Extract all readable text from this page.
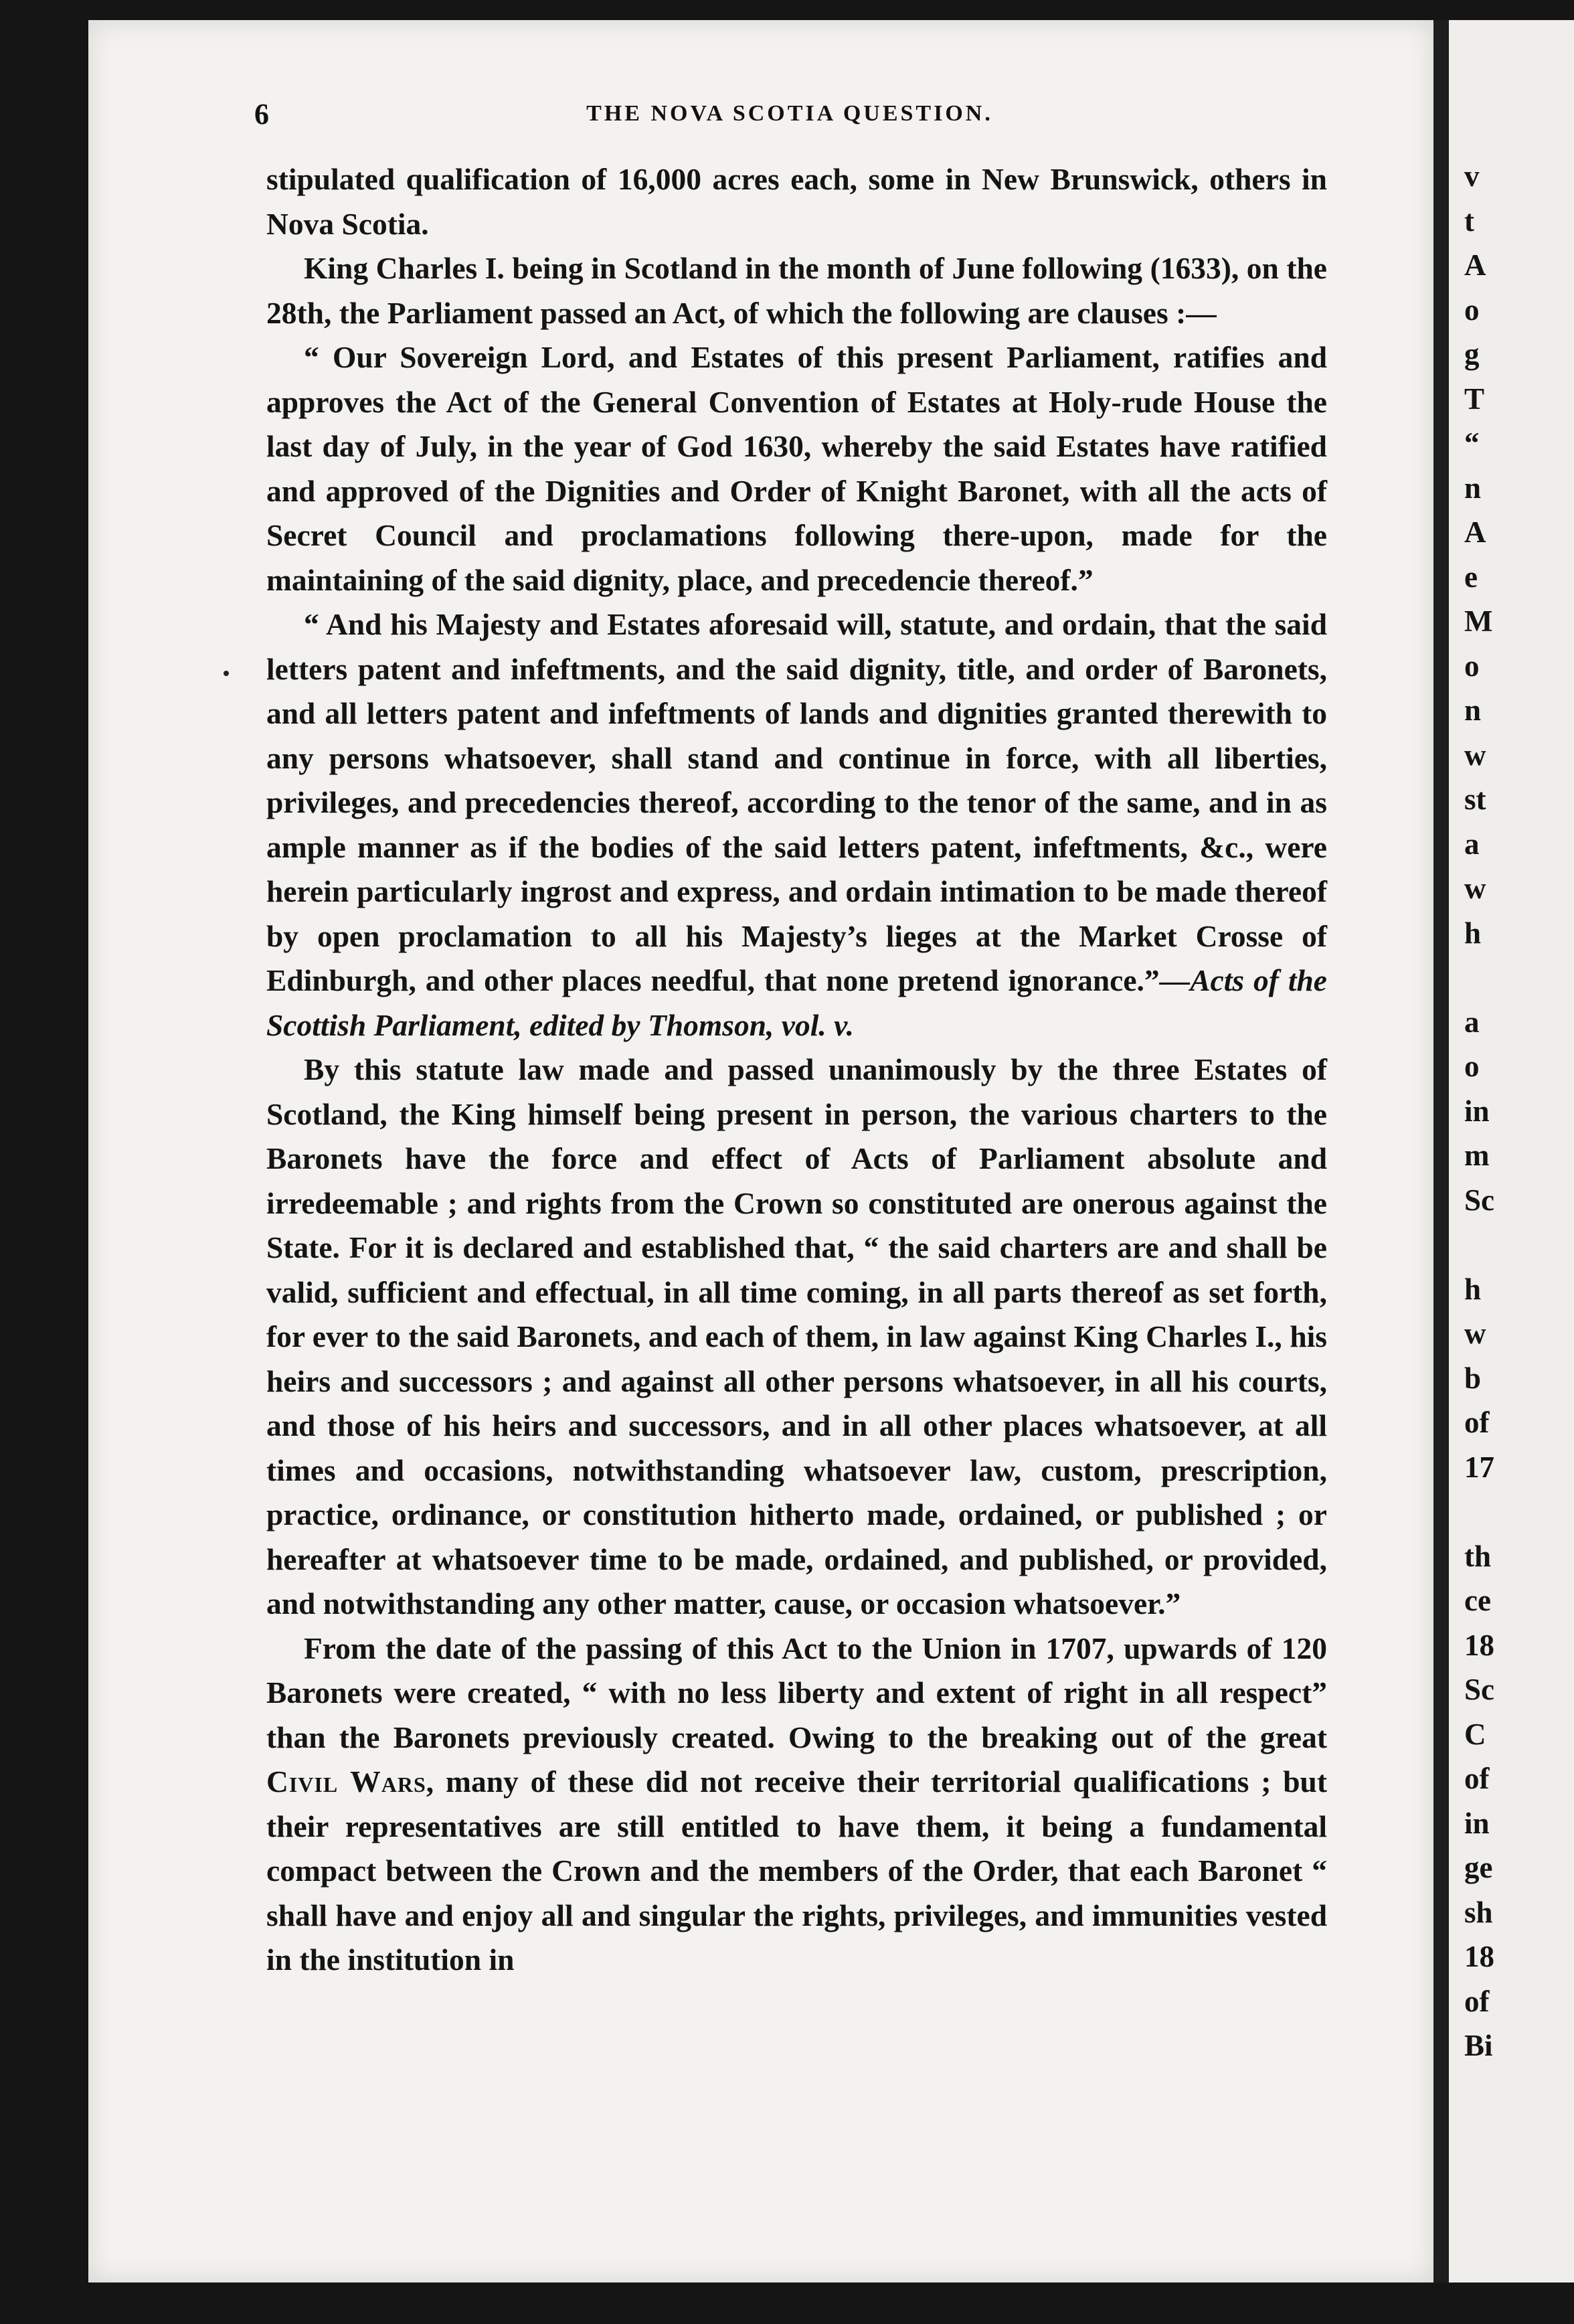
6	THE NOVA SCOTIA QUESTION.

stipulated qualification of 16,000 acres each, some in New Brunswick, others in Nova Scotia.

King Charles I. being in Scotland in the month of June following (1633), on the 28th, the Parliament passed an Act, of which the following are clauses :—

“ Our Sovereign Lord, and Estates of this present Parliament, ratifies and approves the Act of the General Convention of Estates at Holy-rude House the last day of July, in the year of God 1630, whereby the said Estates have ratified and approved of the Dignities and Order of Knight Baronet, with all the acts of Secret Council and proclamations following there-upon, made for the maintaining of the said dignity, place, and precedencie thereof.”

“ And his Majesty and Estates aforesaid will, statute, and ordain, that the said letters patent and infeftments, and the said dignity, title, and order of Baronets, and all letters patent and infeftments of lands and dignities granted therewith to any persons whatsoever, shall stand and continue in force, with all liberties, privileges, and precedencies thereof, according to the tenor of the same, and in as ample manner as if the bodies of the said letters patent, infeftments, &c., were herein particularly ingrost and express, and ordain intimation to be made thereof by open proclamation to all his Majesty’s lieges at the Market Crosse of Edinburgh, and other places needful, that none pretend ignorance.”—Acts of the Scottish Parliament, edited by Thomson, vol. v.

By this statute law made and passed unanimously by the three Estates of Scotland, the King himself being present in person, the various charters to the Baronets have the force and effect of Acts of Parliament absolute and irredeemable ; and rights from the Crown so constituted are onerous against the State. For it is declared and established that, “ the said charters are and shall be valid, sufficient and effectual, in all time coming, in all parts thereof as set forth, for ever to the said Baronets, and each of them, in law against King Charles I., his heirs and successors ; and against all other persons whatsoever, in all his courts, and those of his heirs and successors, and in all other places whatsoever, at all times and occasions, notwithstanding whatsoever law, custom, prescription, practice, ordinance, or constitution hitherto made, ordained, or published ; or hereafter at whatsoever time to be made, ordained, and published, or provided, and notwithstanding any other matter, cause, or occasion whatsoever.”

From the date of the passing of this Act to the Union in 1707, upwards of 120 Baronets were created, “ with no less liberty and extent of right in all respect” than the Baronets previously created. Owing to the breaking out of the great Civil Wars, many of these did not receive their territorial qualifications ; but their representatives are still entitled to have them, it being a fundamental compact between the Crown and the members of the Order, that each Baronet “ shall have and enjoy all and singular the rights, privileges, and immunities vested in the institution in

v
t
A
o
g
T
“
n
A
e
M
o
n
w
st
a
w
h
a
o
in
m
Sc
h
w
b
of
17
th
ce
18
Sc
C
of
in
ge
sh
18
of
Bi
